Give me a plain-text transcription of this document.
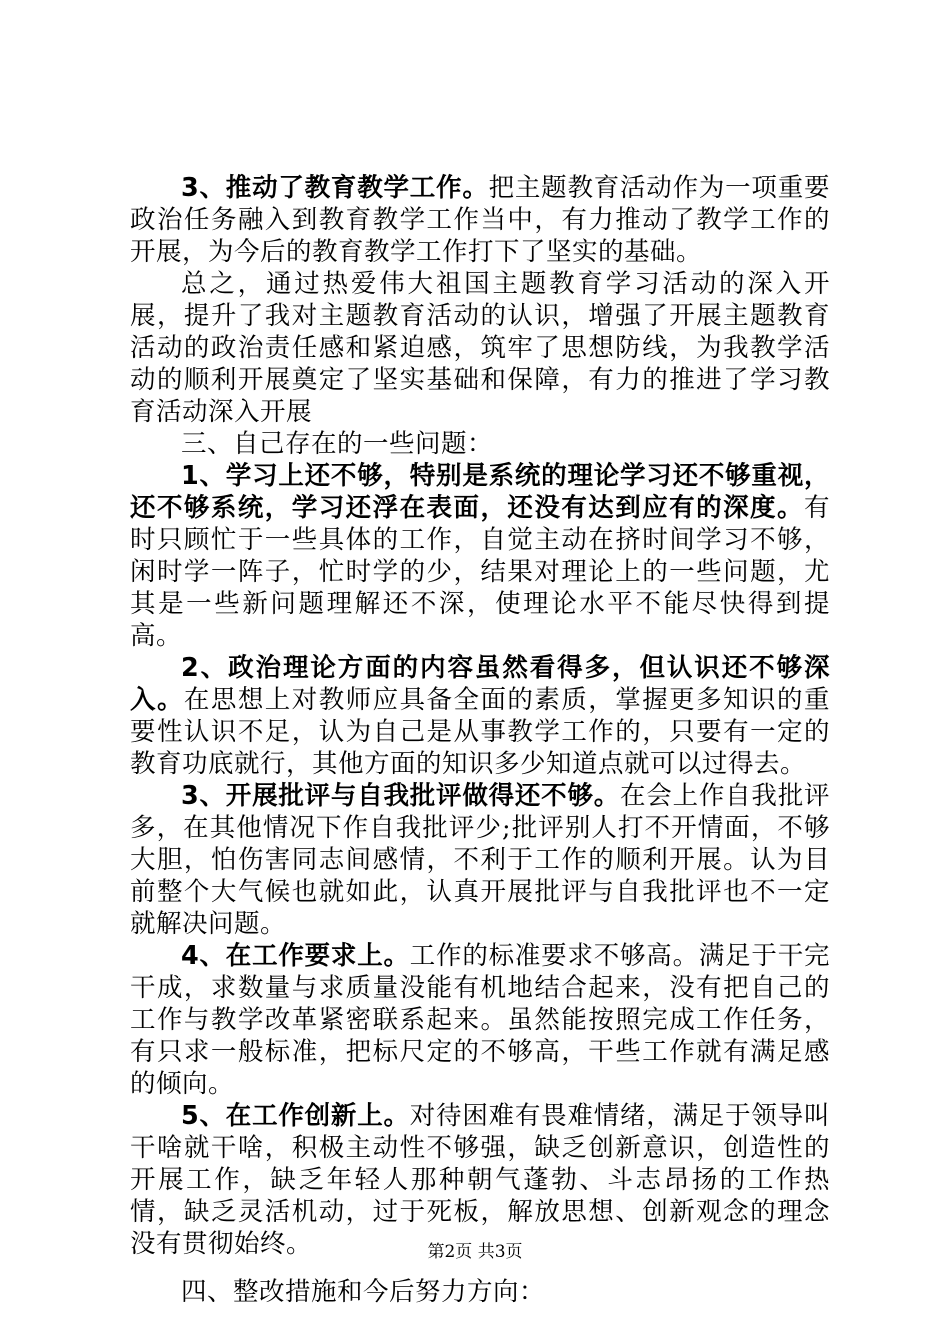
3、推动了教育教学工作。把主题教育活动作为一项重要政治任务融入到教育教学工作当中，有力推动了教学工作的开展，为今后的教育教学工作打下了坚实的基础。

总之，通过热爱伟大祖国主题教育学习活动的深入开展，提升了我对主题教育活动的认识，增强了开展主题教育活动的政治责任感和紧迫感，筑牢了思想防线，为我教学活动的顺利开展奠定了坚实基础和保障，有力的推进了学习教育活动深入开展

三、自己存在的一些问题：

1、学习上还不够，特别是系统的理论学习还不够重视，还不够系统，学习还浮在表面，还没有达到应有的深度。有时只顾忙于一些具体的工作，自觉主动在挤时间学习不够，闲时学一阵子，忙时学的少，结果对理论上的一些问题，尤其是一些新问题理解还不深，使理论水平不能尽快得到提高。

2、政治理论方面的内容虽然看得多，但认识还不够深入。在思想上对教师应具备全面的素质，掌握更多知识的重要性认识不足，认为自己是从事教学工作的，只要有一定的教育功底就行，其他方面的知识多少知道点就可以过得去。

3、开展批评与自我批评做得还不够。在会上作自我批评多，在其他情况下作自我批评少;批评别人打不开情面，不够大胆，怕伤害同志间感情，不利于工作的顺利开展。认为目前整个大气候也就如此，认真开展批评与自我批评也不一定就解决问题。

4、在工作要求上。工作的标准要求不够高。满足于干完干成，求数量与求质量没能有机地结合起来，没有把自己的工作与教学改革紧密联系起来。虽然能按照完成工作任务，有只求一般标准，把标尺定的不够高，干些工作就有满足感的倾向。

5、在工作创新上。对待困难有畏难情绪，满足于领导叫干啥就干啥，积极主动性不够强，缺乏创新意识，创造性的开展工作，缺乏年轻人那种朝气蓬勃、斗志昂扬的工作热情，缺乏灵活机动，过于死板，解放思想、创新观念的理念没有贯彻始终。

四、整改措施和今后努力方向：

第2页 共3页
